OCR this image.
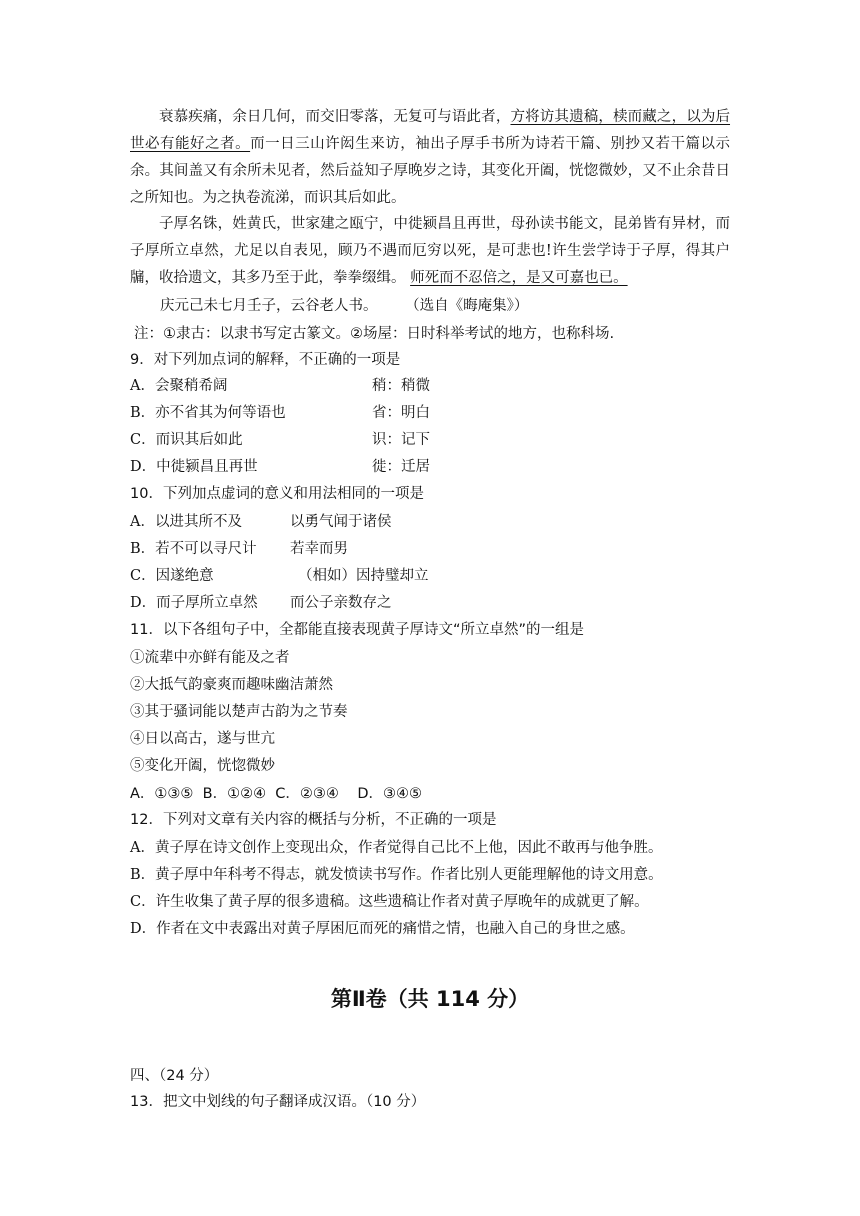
衰慕疾痛，余日几何，而交旧零落，无复可与语此者，方将访其遗稿，椟而藏之，以为后世必有能好之者。而一日三山许闳生来访，袖出子厚手书所为诗若干篇、别抄又若干篇以示余。其间盖又有余所未见者，然后益知子厚晚岁之诗，其变化开阖，恍惚微妙，又不止余昔日之所知也。为之执卷流涕，而识其后如此。
子厚名铢，姓黄氏，世家建之瓯宁，中徙颍昌且再世，母孙读书能文，昆弟皆有异材，而子厚所立卓然，尤足以自表见，顾乃不遇而厄穷以死，是可悲也!许生尝学诗于子厚，得其户牖，收拾遗文，其多乃至于此，拳拳缀缉。 师死而不忍倍之，是又可嘉也已。
庆元己未七月壬子，云谷老人书。 （选自《晦庵集》）
注：①隶古：以隶书写定古篆文。②场屋：日时科举考试的地方，也称科场.
9．对下列加点词的解释，不正确的一项是
A．会聚稍希阔	稍：稍微
B．亦不省其为何等语也	省：明白
C．而识其后如此	识：记下
D．中徙颍昌且再世	徙：迁居
10．下列加点虚词的意义和用法相同的一项是
A．以进其所不及	以勇气闻于诸侯
B．若不可以寻尺计 若幸而男
C．因遂绝意	（相如）因持璧却立
D．而子厚所立卓然 而公子亲数存之
11．以下各组句子中，全都能直接表现黄子厚诗文“所立卓然”的一组是
①流辈中亦鲜有能及之者
②大抵气韵豪爽而趣味幽洁萧然
③其于骚词能以楚声古韵为之节奏
④日以高古，遂与世亢
⑤变化开阖，恍惚微妙
A．①③⑤  B．①②④  C．②③④    D．③④⑤
12．下列对文章有关内容的概括与分析，不正确的一项是
A．黄子厚在诗文创作上变现出众，作者觉得自己比不上他，因此不敢再与他争胜。
B．黄子厚中年科考不得志，就发愤读书写作。作者比别人更能理解他的诗文用意。
C．许生收集了黄子厚的很多遗稿。这些遗稿让作者对黄子厚晚年的成就更了解。
D．作者在文中表露出对黄子厚困厄而死的痛惜之情，也融入自己的身世之感。
第Ⅱ卷（共 114 分）
四、（24 分）
13．把文中划线的句子翻译成汉语。（10 分）
